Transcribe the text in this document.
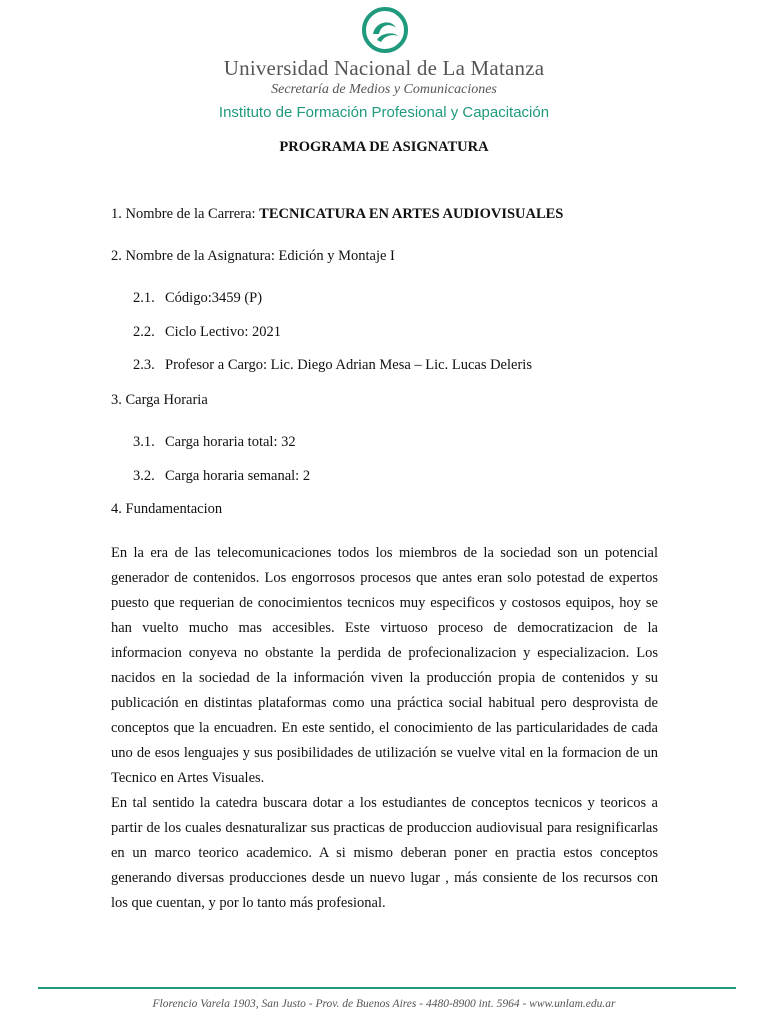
Universidad Nacional de La Matanza
Secretaría de Medios y Comunicaciones
Instituto de Formación Profesional y Capacitación
PROGRAMA DE ASIGNATURA
1. Nombre de la Carrera: TECNICATURA EN ARTES AUDIOVISUALES
2. Nombre de la Asignatura: Edición y Montaje I
2.1. Código:3459 (P)
2.2. Ciclo Lectivo: 2021
2.3. Profesor a Cargo: Lic. Diego Adrian Mesa – Lic. Lucas Deleris
3. Carga Horaria
3.1. Carga horaria total: 32
3.2. Carga horaria semanal: 2
4. Fundamentacion

En la era de las telecomunicaciones todos los miembros de la sociedad son un potencial generador de contenidos. Los engorrosos procesos que antes eran solo potestad de expertos puesto que requerian de conocimientos tecnicos muy especificos y costosos equipos, hoy se han vuelto mucho mas accesibles. Este virtuoso proceso de democratizacion de la informacion conyeva no obstante la perdida de profecionalizacion y especializacion. Los nacidos en la sociedad de la información viven la producción propia de contenidos y su publicación en distintas plataformas como una práctica social habitual pero desprovista de conceptos que la encuadren. En este sentido, el conocimiento de las particularidades de cada uno de esos lenguajes y sus posibilidades de utilización se vuelve vital en la formacion de un Tecnico en Artes Visuales.

En tal sentido la catedra buscara dotar a los estudiantes de conceptos tecnicos y teoricos a partir de los cuales desnaturalizar sus practicas de produccion audiovisual para resignificarlas en un marco teorico academico. A si mismo deberan poner en practia estos conceptos generando diversas producciones desde un nuevo lugar , más consiente de los recursos con los que cuentan, y por lo tanto más profesional.

Florencio Varela 1903, San Justo - Prov. de Buenos Aires - 4480-8900 int. 5964 - www.unlam.edu.ar
